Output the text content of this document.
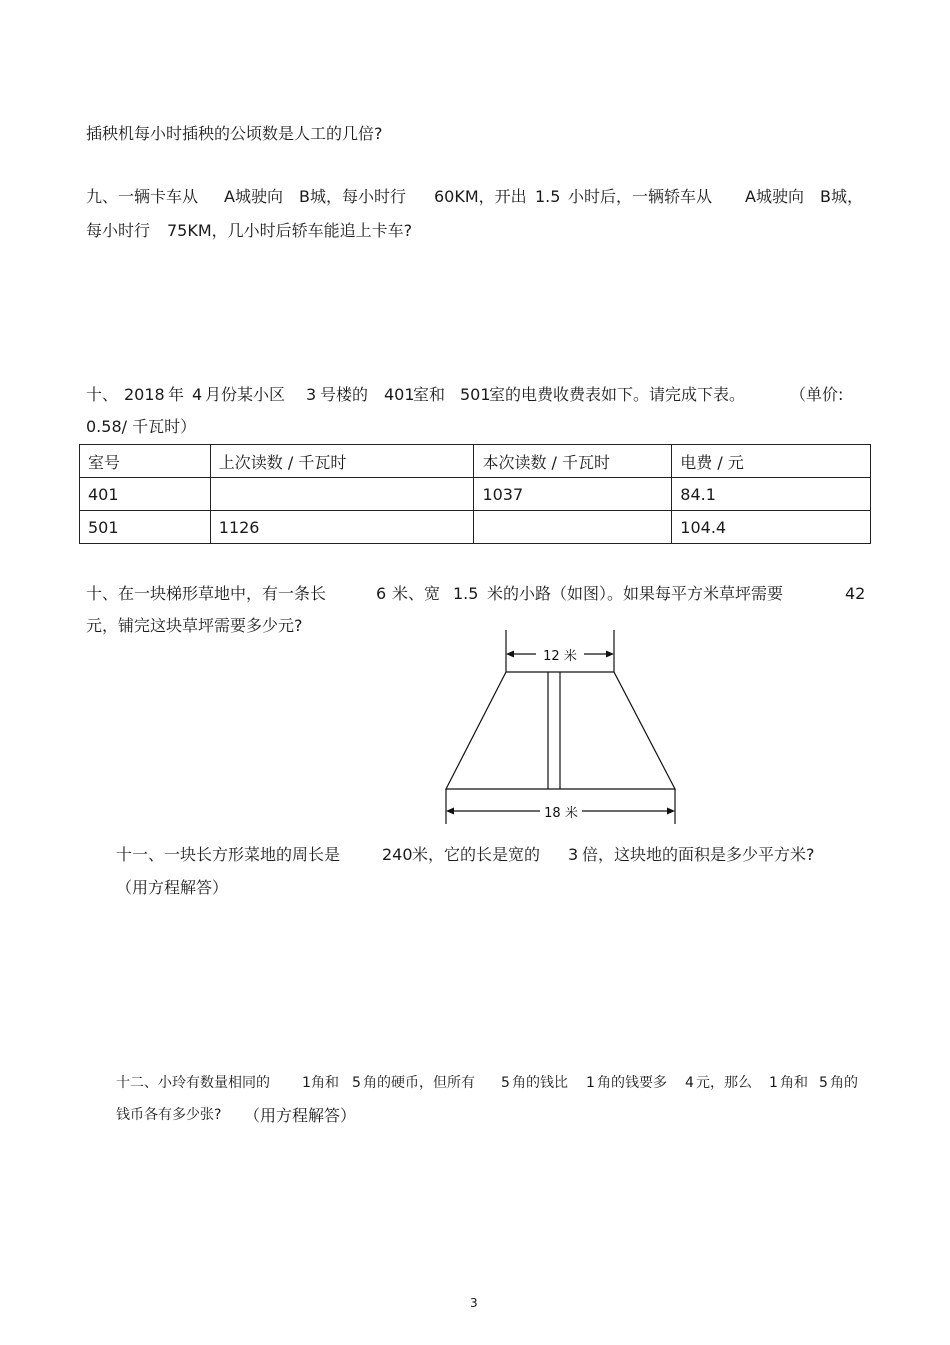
插秧机每小时插秧的公顷数是人工的几倍?
九、一辆卡车从 A城驶向 B城，每小时行 60KM，开出 1.5 小时后，一辆轿车从 A城驶向 B城，
每小时行 75KM，几小时后轿车能追上卡车?
十、 2018 年 4 月份某小区 3 号楼的 401
室和 501
室的电费收费表如下。请完成下表。	（单价:
0.58/ 千瓦时）
室号	上次读数 / 千瓦时	本次读数 / 千瓦时	电费 / 元
401		1037	84.1
501	1126		104.4
十、在一块梯形草地中，有一条长	6 米、宽 1.5 米的小路（如图）。如果每平方米草坪需要	42
元，铺完这块草坪需要多少元?
12 米
18 米
十一、一块长方形菜地的周长是	240 米，它的长是宽的 3 倍，这块地的面积是多少平方米?
（用方程解答）
十二、小玲有数量相同的 1 角和 5 角的硬币，但所有 5 角的钱比 1 角的钱要多 4 元，那么 1 角和 5 角的
钱币各有多少张? （用方程解答）
3
